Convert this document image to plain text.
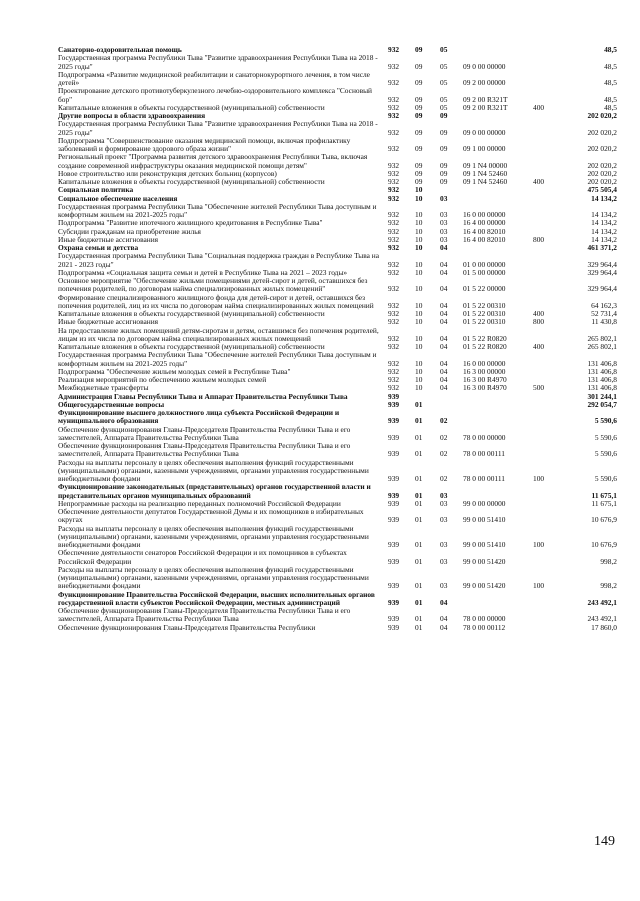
Санаторно-оздоровительная помощь	932	09	05	48,5
Государственная программа Республики Тыва "Развитие здравоохранения Республики Тыва на 2018 - 2025 годы"	932	09	05	09 0 00 00000	48,5
Подпрограмма «Развитие медицинской реабилитации и санаторнокурортного лечения, в том числе детей»	932	09	05	09 2 00 00000	48,5
Проектирование детского противотуберкулезного лечебно-оздоровительного комплекса "Сосновый бор"	932	09	05	09 2 00 R321T	48,5
Капитальные вложения в объекты государственной (муниципальной) собственности	932	09	05	09 2 00 R321T	400	48,5
Другие вопросы в области здравоохранения	932	09	09	202 020,2
Государственная программа Республики Тыва "Развитие здравоохранения Республики Тыва на 2018 - 2025 годы"	932	09	09	09 0 00 00000	202 020,2
Подпрограмма "Совершенствование оказания медицинской помощи, включая профилактику заболеваний и формирование здорового образа жизни"	932	09	09	09 1 00 00000	202 020,2
Региональный проект "Программа развития детского здравоохранения Республики Тыва, включая создание современной инфраструктуры оказания медицинской помощи детям"	932	09	09	09 1 N4 00000	202 020,2
Новое строительство или реконструкция детских больниц (корпусов)	932	09	09	09 1 N4 52460	202 020,2
Капитальные вложения в объекты государственной (муниципальной) собственности	932	09	09	09 1 N4 52460	400	202 020,2
Социальная политика	932	10	475 505,4
Социальное обеспечение населения	932	10	03	14 134,2
Государственная программа Республики Тыва "Обеспечение жителей Республики Тыва доступным и комфортным жильем на 2021-2025 годы"	932	10	03	16 0 00 00000	14 134,2
Подпрограмма "Развитие ипотечного жилищного кредитования в Республике Тыва"	932	10	03	16 4 00 00000	14 134,2
Субсидии гражданам на приобретение жилья	932	10	03	16 4 00 82010	14 134,2
Иные бюджетные ассигнования	932	10	03	16 4 00 82010	800	14 134,2
Охрана семьи и детства	932	10	04	461 371,2
Государственная программа Республики Тыва "Социальная поддержка граждан в Республике Тыва на 2021 - 2023 годы"	932	10	04	01 0 00 00000	329 964,4
Подпрограмма «Социальная защита семьи и детей в Республике Тыва на 2021 – 2023 годы»	932	10	04	01 5 00 00000	329 964,4
Основное мероприятие "Обеспечение жильми помещениями детей-сирот и детей, оставшихся без попечения родителей, по договорам найма специализированных жилых помещений"	932	10	04	01 5 22 00000	329 964,4
Формирование специализированного жилищного фонда для детей-сирот и детей, оставшихся без попечения родителей, лиц из их числа по договорам найма специализированных жилых помещений	932	10	04	01 5 22 00310	64 162,3
Капитальные вложения в объекты государственной (муниципальной) собственности	932	10	04	01 5 22 00310	400	52 731,4
Иные бюджетные ассигнования	932	10	04	01 5 22 00310	800	11 430,8
На предоставление жилых помещений детям-сиротам и детям, оставшимся без попечения родителей, лицам из их числа по договорам найма специализированных жилых помещений	932	10	04	01 5 22 R0820	265 802,1
Капитальные вложения в объекты государственной (муниципальной) собственности	932	10	04	01 5 22 R0820	400	265 802,1
Государственная программа Республики Тыва "Обеспечение жителей Республики Тыва доступным и комфортным жильем на 2021-2025 годы"	932	10	04	16 0 00 00000	131 406,8
Подпрограмма "Обеспечение жильем молодых семей в Республике Тыва"	932	10	04	16 3 00 00000	131 406,8
Реализация мероприятий по обеспечению жильем молодых семей	932	10	04	16 3 00 R4970	131 406,8
Межбюджетные трансферты	932	10	04	16 3 00 R4970	500	131 406,8
Администрация Главы Республики Тыва и Аппарат Правительства Республики Тыва	939	301 244,1
Общегосударственные вопросы	939	01	292 054,7
Функционирование высшего должностного лица субъекта Российской Федерации и муниципального образования	939	01	02	5 590,6
Обеспечение функционирования Главы-Председателя Правительства Республики Тыва и его заместителей, Аппарата Правительства Республики Тыва	939	01	02	78 0 00 00000	5 590,6
Обеспечение функционирования Главы-Председателя Правительства Республики Тыва и его заместителей, Аппарата Правительства Республики Тыва	939	01	02	78 0 00 00111	5 590,6
Расходы на выплаты персоналу в целях обеспечения выполнения функций государственными (муниципальными) органами, казенными учреждениями, органами управления государственными внебюджетными фондами	939	01	02	78 0 00 00111	100	5 590,6
Функционирование законодательных (представительных) органов государственной власти и представительных органов муниципальных образований	939	01	03	11 675,1
Непрограммные расходы на реализацию переданных полномочий Российской Федерации	939	01	03	99 0 00 00000	11 675,1
Обеспечение деятельности депутатов Государственной Думы и их помощников в избирательных округах	939	01	03	99 0 00 51410	10 676,9
Расходы на выплаты персоналу в целях обеспечения выполнения функций государственными (муниципальными) органами, казенными учреждениями, органами управления государственными внебюджетными фондами	939	01	03	99 0 00 51410	100	10 676,9
Обеспечение деятельности сенаторов Российской Федерации и их помощников в субъектах Российской Федерации	939	01	03	99 0 00 51420	998,2
Расходы на выплаты персоналу в целях обеспечения выполнения функций государственными (муниципальными) органами, казенными учреждениями, органами управления государственными внебюджетными фондами	939	01	03	99 0 00 51420	100	998,2
Функционирование Правительства Российской Федерации, высших исполнительных органов государственной власти субъектов Российской Федерации, местных администраций	939	01	04	243 492,1
Обеспечение функционирования Главы-Председателя Правительства Республики Тыва и его заместителей, Аппарата Правительства Республики Тыва	939	01	04	78 0 00 00000	243 492,1
Обеспечение функционирования Главы-Председателя Правительства Республики	939	01	04	78 0 00 00112	17 860,0
149
